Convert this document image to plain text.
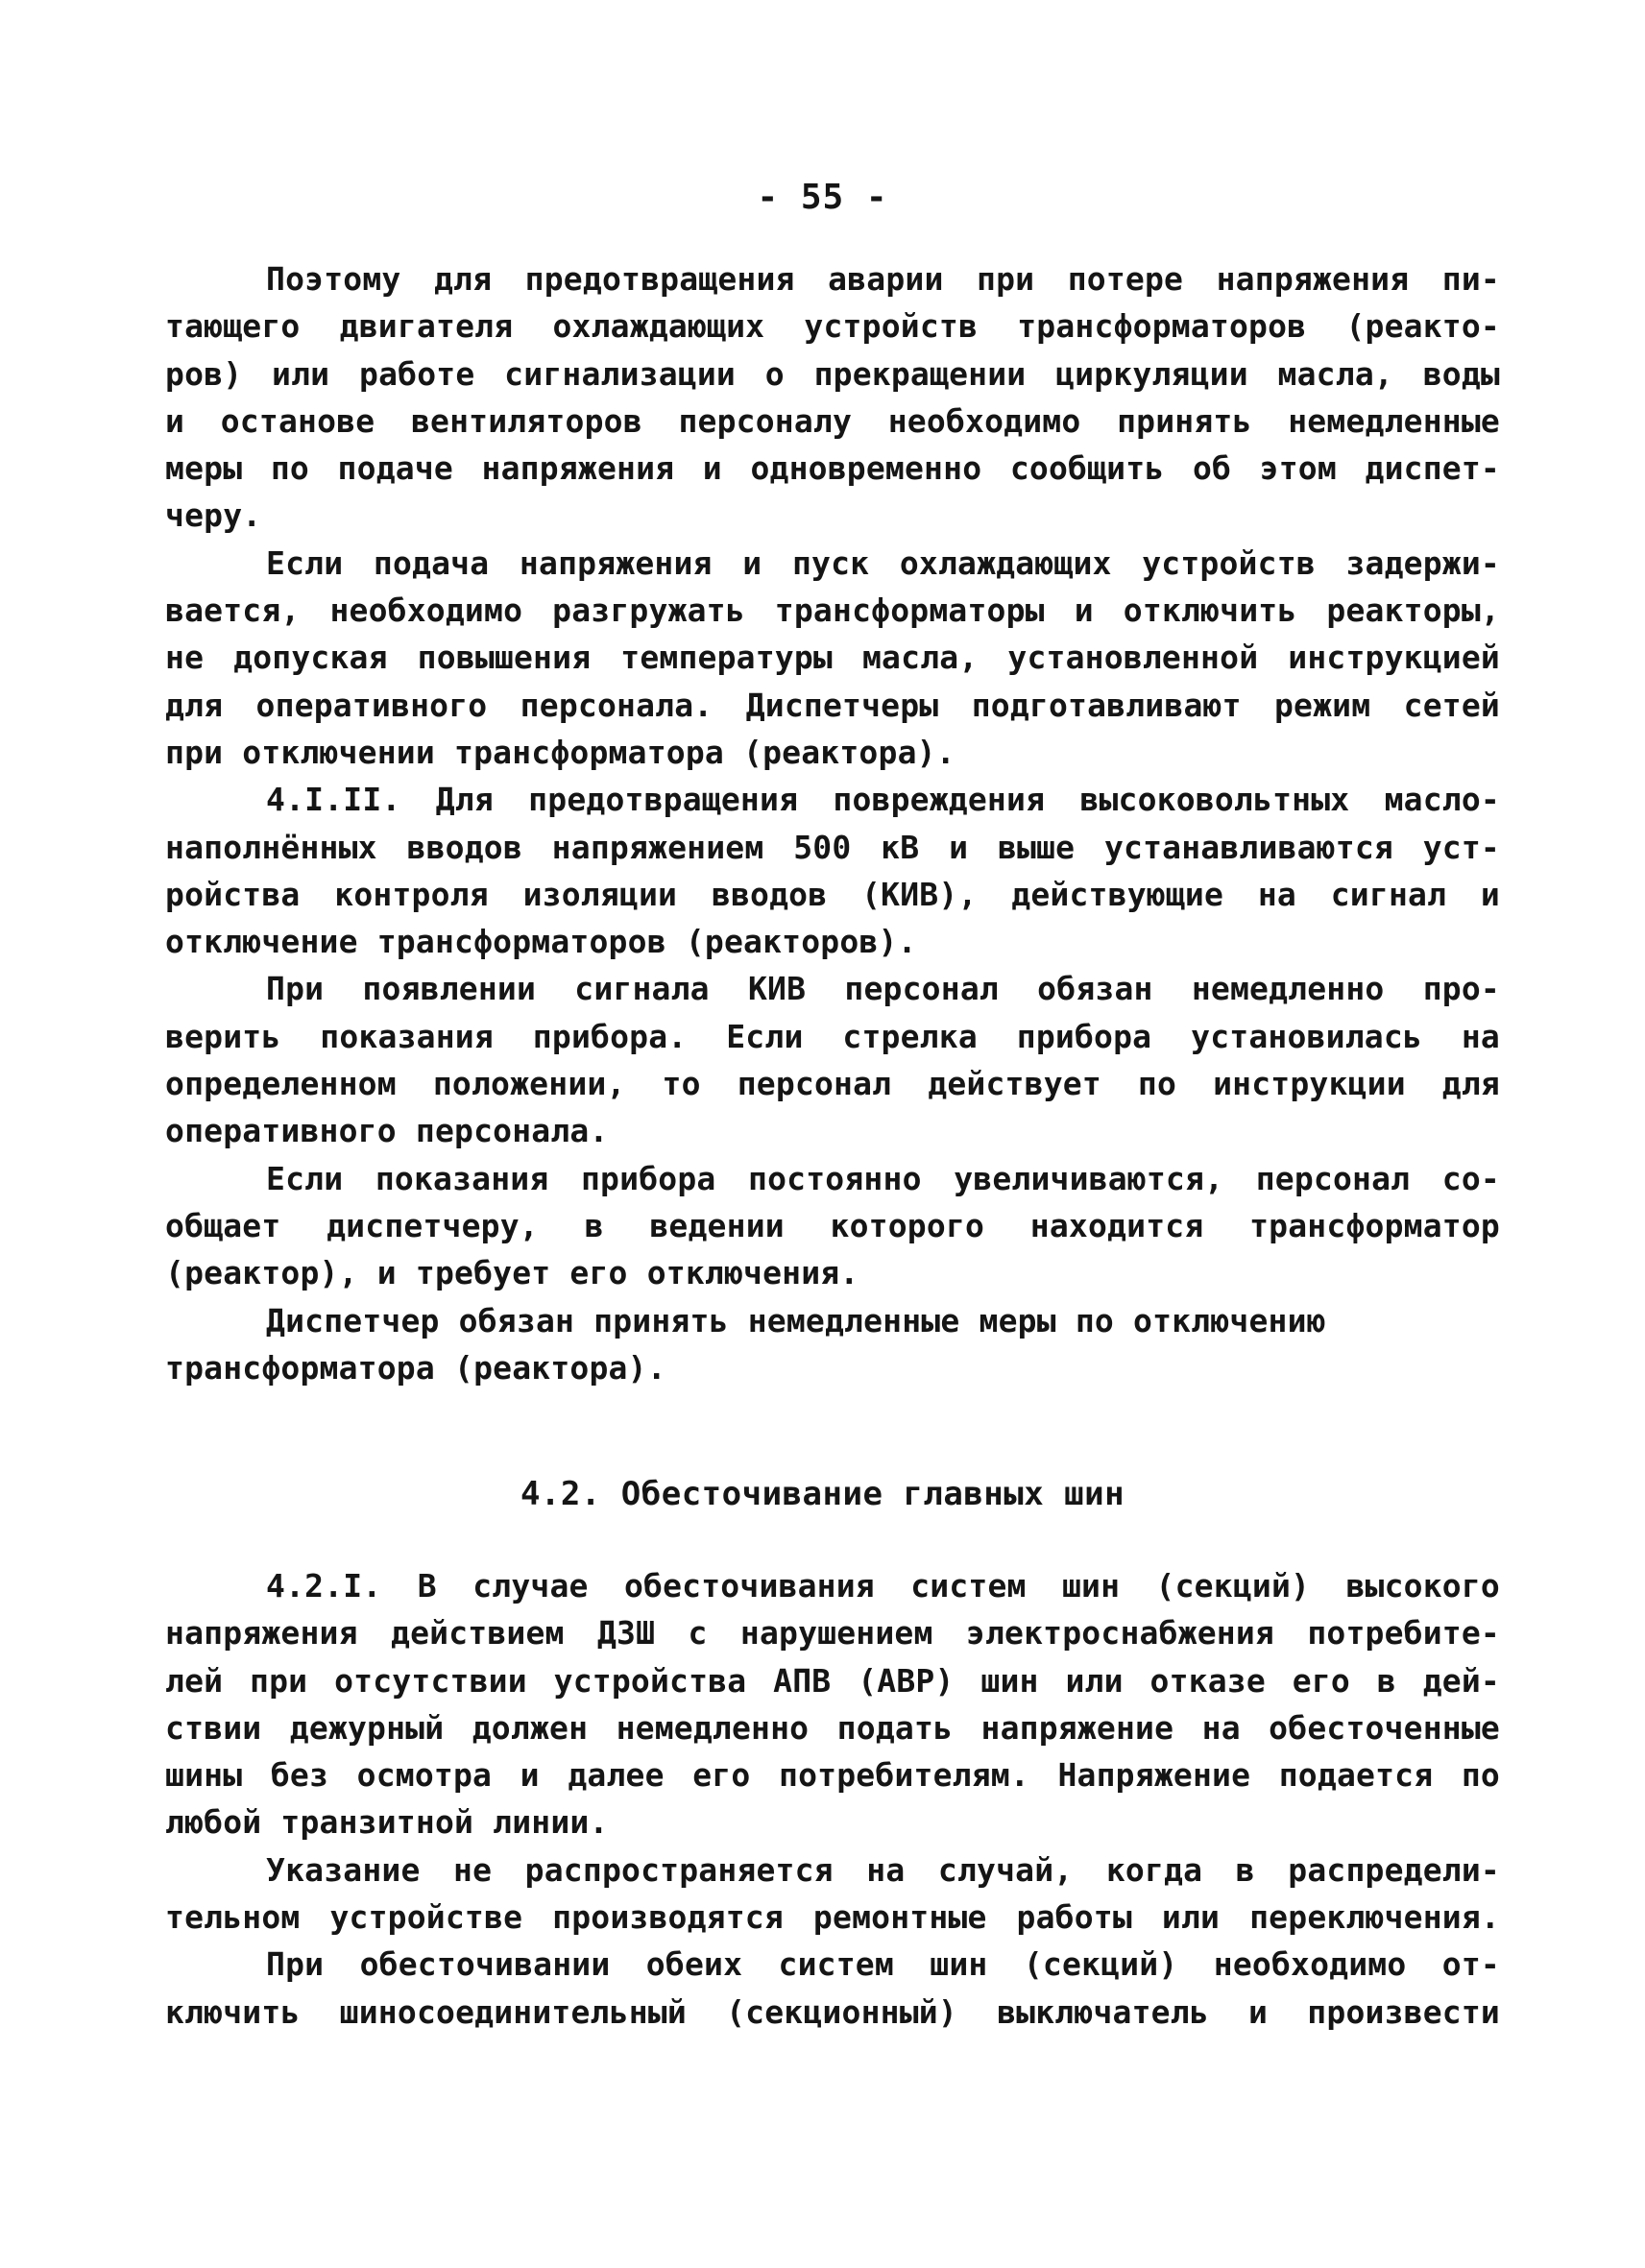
- 55 -
Поэтому для предотвращения аварии при потере напряжения пи-
тающего двигателя охлаждающих устройств трансформаторов (реакто-
ров) или работе сигнализации о прекращении циркуляции масла, воды
и останове вентиляторов персоналу необходимо принять немедленные
меры по подаче напряжения и одновременно сообщить об этом диспет-
черу.
Если подача напряжения и пуск охлаждающих устройств задержи-
вается, необходимо разгружать трансформаторы и отключить реакторы,
не допуская повышения температуры масла, установленной инструкцией
для оперативного персонала. Диспетчеры подготавливают режим сетей
при отключении трансформатора (реактора).
4.I.II. Для предотвращения повреждения высоковольтных масло-
наполнённых вводов напряжением 500 кВ и выше устанавливаются уст-
ройства контроля изоляции вводов (КИВ), действующие на сигнал и
отключение трансформаторов (реакторов).
При появлении сигнала КИВ персонал обязан немедленно про-
верить показания прибора. Если стрелка прибора установилась на
определенном положении, то персонал действует по инструкции для
оперативного персонала.
Если показания прибора постоянно увеличиваются, персонал со-
общает диспетчеру, в ведении которого находится трансформатор
(реактор), и требует его отключения.
Диспетчер обязан принять немедленные меры по отключению
трансформатора (реактора).
4.2. Обесточивание главных шин
4.2.I. В случае обесточивания систем шин (секций) высокого
напряжения действием ДЗШ с нарушением электроснабжения потребите-
лей при отсутствии устройства АПВ (АВР) шин или отказе его в дей-
ствии дежурный должен немедленно подать напряжение на обесточенные
шины без осмотра и далее его потребителям. Напряжение подается по
любой транзитной линии.
Указание не распространяется на случай, когда в распредели-
тельном устройстве производятся ремонтные работы или переключения.
При обесточивании обеих систем шин (секций) необходимо от-
ключить шиносоединительный (секционный) выключатель и произвести
